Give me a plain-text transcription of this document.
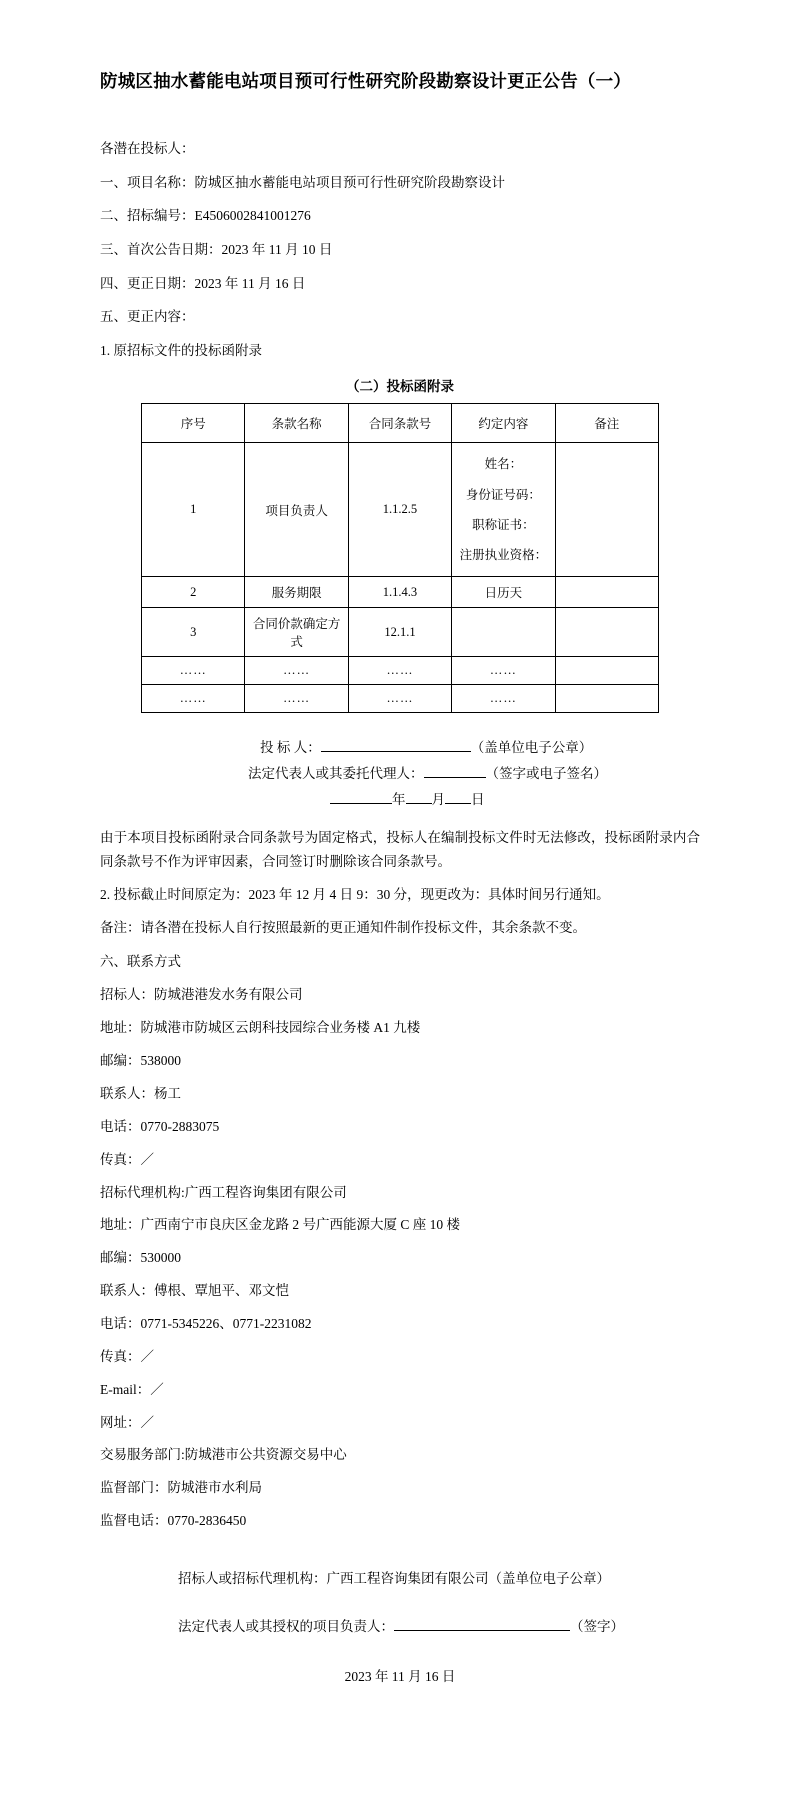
防城区抽水蓄能电站项目预可行性研究阶段勘察设计更正公告（一）

各潜在投标人：

一、项目名称：防城区抽水蓄能电站项目预可行性研究阶段勘察设计

二、招标编号：E4506002841001276

三、首次公告日期：2023 年 11 月 10 日

四、更正日期：2023 年 11 月 16 日

五、更正内容：

1. 原招标文件的投标函附录

（二）投标函附录
序号	条款名称	合同条款号	约定内容	备注
1	项目负责人	1.1.2.5	姓名：
身份证号码：
职称证书：
注册执业资格：	

2	服务期限	1.1.4.3	日历天	
3	合同价款确定方式	12.1.1		
……	……	……	……	
……	……	……	……	

投 标 人：	（盖单位电子公章）

法定代表人或其委托代理人：	（签字或电子签名）

年 月 日

由于本项目投标函附录合同条款号为固定格式，投标人在编制投标文件时无法修改，投标函附录内合同条款号不作为评审因素，合同签订时删除该合同条款号。

2. 投标截止时间原定为：2023 年 12 月 4 日 9：30 分，现更改为：具体时间另行通知。

备注：请各潜在投标人自行按照最新的更正通知件制作投标文件，其余条款不变。

六、联系方式

招标人：防城港港发水务有限公司

地址：防城港市防城区云朗科技园综合业务楼 A1 九楼

邮编：538000

联系人：杨工

电话：0770-2883075

传真：／

招标代理机构:广西工程咨询集团有限公司

地址：广西南宁市良庆区金龙路 2 号广西能源大厦 C 座 10 楼

邮编：530000

联系人：傅根、覃旭平、邓文恺

电话：0771-5345226、0771-2231082

传真：／

E-mail：／

网址：／

交易服务部门:防城港市公共资源交易中心

监督部门：防城港市水利局

监督电话：0770-2836450

招标人或招标代理机构：广西工程咨询集团有限公司（盖单位电子公章）

法定代表人或其授权的项目负责人：	（签字）

2023 年 11 月 16 日
